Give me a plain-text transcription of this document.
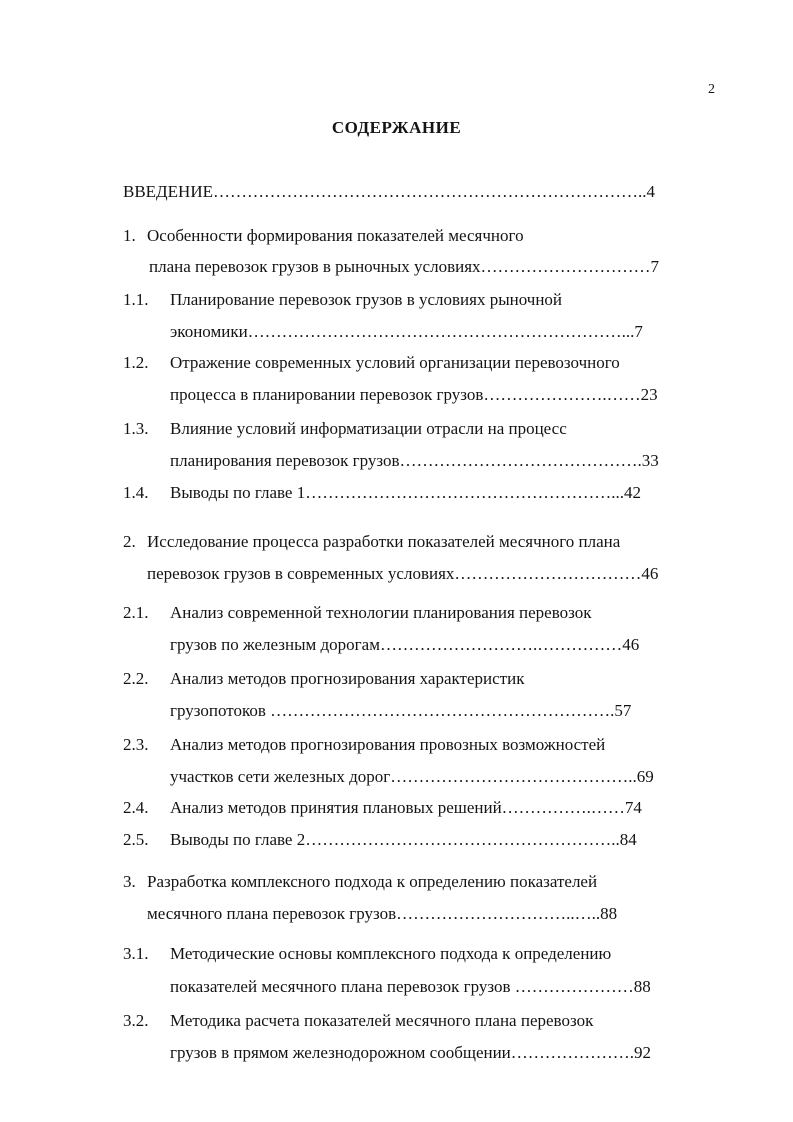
2
СОДЕРЖАНИЕ
ВВЕДЕНИЕ…………………………………………………………………..4
1. Особенности формирования показателей месячного
плана перевозок грузов в рыночных условиях…………………………7
1.1. Планирование перевозок грузов в условиях рыночной
экономики…………………………………………………………...7
1.2. Отражение современных условий организации перевозочного
процесса в планировании перевозок грузов………………….……23
1.3. Влияние условий информатизации отрасли на процесс
планирования перевозок грузов…………………………………….33
1.4. Выводы по главе 1………………………………………………...42
2. Исследование процесса разработки показателей месячного плана
перевозок грузов в современных условиях……………………………46
2.1. Анализ современной технологии планирования перевозок
грузов по железным дорогам……………………….……………46
2.2. Анализ методов прогнозирования характеристик
грузопотоков …………………………………………………….57
2.3. Анализ методов прогнозирования провозных возможностей
участков сети железных дорог……………………………………..69
2.4. Анализ методов принятия плановых решений…………….……74
2.5. Выводы по главе 2………………………………………………..84
3. Разработка комплексного подхода к определению показателей
месячного плана перевозок грузов…………………………..…..88
3.1. Методические основы комплексного подхода к определению
показателей месячного плана перевозок грузов …………………88
3.2. Методика расчета показателей месячного плана перевозок
грузов в прямом железнодорожном сообщении………………….92
